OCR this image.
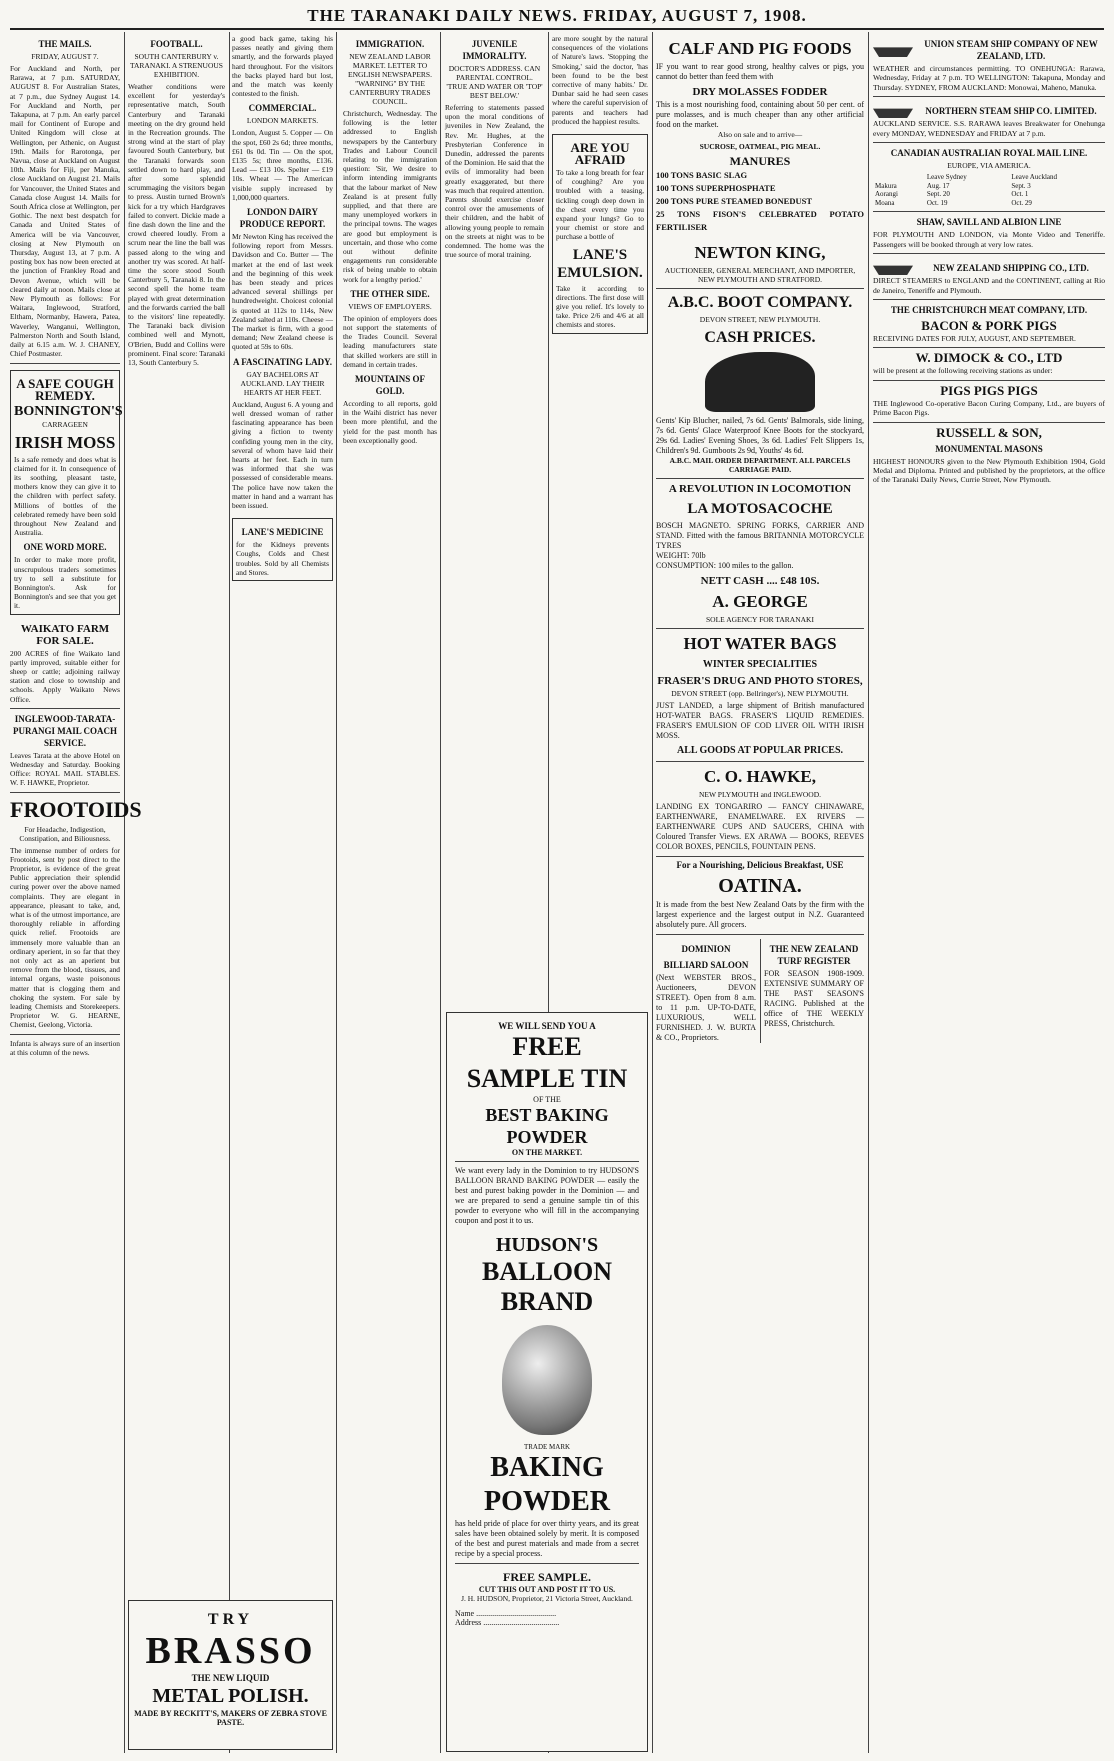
THE TARANAKI DAILY NEWS. FRIDAY, AUGUST 7, 1908.
THE MAILS.
FRIDAY, AUGUST 7.
For Auckland and North, per Rarawa, at 7 p.m. SATURDAY, AUGUST 8. For Australian States, at 7 p.m., due Sydney August 14. For Auckland and North, per Takapuna, at 7 p.m. An early parcel mail for Continent of Europe and United Kingdom will close at Wellington, per Athenic, on August 19th. Mails for Rarotonga, per Navua, close at Auckland on August 10th. Mails for Fiji, per Manuka, close Auckland on August 21. Mails for Vancouver, the United States and Canada close August 14. Mails for South Africa close at Wellington, per Gothic. The next best despatch for Canada and United States of America will be via Vancouver, closing at New Plymouth on Thursday, August 13, at 7 p.m. A posting box has now been erected at the junction of Frankley Road and Devon Avenue, which will be cleared daily at noon. Mails close at New Plymouth as follows: For Waitara, Inglewood, Stratford, Eltham, Normanby, Hawera, Patea, Waverley, Wanganui, Wellington, Palmerston North and South Island, daily at 6.15 a.m. W. J. CHANEY, Chief Postmaster.
A SAFE COUGH REMEDY.
BONNINGTON'S
CARRAGEEN
IRISH MOSS
Is a safe remedy and does what is claimed for it. In consequence of its soothing, pleasant taste, mothers know they can give it to the children with perfect safety. Millions of bottles of the celebrated remedy have been sold throughout New Zealand and Australia.
ONE WORD MORE.
In order to make more profit, unscrupulous traders sometimes try to sell a substitute for Bonnington's. Ask for Bonnington's and see that you get it.
WAIKATO FARM FOR SALE.
200 ACRES of fine Waikato land partly improved, suitable either for sheep or cattle; adjoining railway station and close to township and schools. Apply Waikato News Office.
INGLEWOOD-TARATA-PURANGI MAIL COACH SERVICE.
Leaves Tarata at the above Hotel on Wednesday and Saturday. Booking Office: ROYAL MAIL STABLES. W. F. HAWKE, Proprietor.
FROOTOIDS
For Headache, Indigestion, Constipation, and Biliousness.
The immense number of orders for Frootoids, sent by post direct to the Proprietor, is evidence of the great Public appreciation their splendid curing power over the above named complaints. They are elegant in appearance, pleasant to take, and, what is of the utmost importance, are thoroughly reliable in affording quick relief. Frootoids are immensely more valuable than an ordinary aperient, in so far that they not only act as an aperient but remove from the blood, tissues, and internal organs, waste poisonous matter that is clogging them and choking the system. For sale by leading Chemists and Storekeepers. Proprietor W. G. HEARNE, Chemist, Geelong, Victoria.
Infanta is always sure of an insertion at this column of the news.
FOOTBALL.
SOUTH CANTERBURY v. TARANAKI. A STRENUOUS EXHIBITION.
Weather conditions were excellent for yesterday's representative match, South Canterbury and Taranaki meeting on the dry ground held in the Recreation grounds. The strong wind at the start of play favoured South Canterbury, but the Taranaki forwards soon settled down to hard play, and after some splendid scrummaging the visitors began to press. Austin turned Brown's kick for a try which Hardgraves failed to convert. Dickie made a fine dash down the line and the crowd cheered loudly. From a scrum near the line the ball was passed along to the wing and another try was scored. At half-time the score stood South Canterbury 5, Taranaki 8. In the second spell the home team played with great determination and the forwards carried the ball to the visitors' line repeatedly. The Taranaki back division combined well and Mynott, O'Brien, Budd and Collins were prominent. Final score: Taranaki 13, South Canterbury 5.
TRY
BRASSO
THE NEW LIQUID
METAL POLISH.
MADE BY RECKITT'S, MAKERS OF ZEBRA STOVE PASTE.
a good back game, taking his passes neatly and giving them smartly, and the forwards played hard throughout. For the visitors the backs played hard but lost, and the match was keenly contested to the finish.
COMMERCIAL.
LONDON MARKETS.
London, August 5. Copper — On the spot, £60 2s 6d; three months, £61 0s 0d. Tin — On the spot, £135 5s; three months, £136. Lead — £13 10s. Spelter — £19 10s. Wheat — The American visible supply increased by 1,000,000 quarters.
LONDON DAIRY PRODUCE REPORT.
Mr Newton King has received the following report from Messrs. Davidson and Co. Butter — The market at the end of last week and the beginning of this week has been steady and prices advanced several shillings per hundredweight. Choicest colonial is quoted at 112s to 114s, New Zealand salted at 110s. Cheese — The market is firm, with a good demand; New Zealand cheese is quoted at 59s to 60s.
A FASCINATING LADY.
GAY BACHELORS AT AUCKLAND. LAY THEIR HEARTS AT HER FEET.
Auckland, August 6. A young and well dressed woman of rather fascinating appearance has been giving a fiction to twenty confiding young men in the city, several of whom have laid their hearts at her feet. Each in turn was informed that she was possessed of considerable means. The police have now taken the matter in hand and a warrant has been issued.
LANE'S MEDICINE
for the Kidneys prevents Coughs, Colds and Chest troubles. Sold by all Chemists and Stores.
IMMIGRATION.
NEW ZEALAND LABOR MARKET. LETTER TO ENGLISH NEWSPAPERS. "WARNING" BY THE CANTERBURY TRADES COUNCIL.
Christchurch, Wednesday. The following is the letter addressed to English newspapers by the Canterbury Trades and Labour Council relating to the immigration question: 'Sir, We desire to inform intending immigrants that the labour market of New Zealand is at present fully supplied, and that there are many unemployed workers in the principal towns. The wages are good but employment is uncertain, and those who come out without definite engagements run considerable risk of being unable to obtain work for a lengthy period.'
THE OTHER SIDE.
VIEWS OF EMPLOYERS.
The opinion of employers does not support the statements of the Trades Council. Several leading manufacturers state that skilled workers are still in demand in certain trades.
MOUNTAINS OF GOLD.
According to all reports, gold in the Waihi district has never been more plentiful, and the yield for the past month has been exceptionally good.
JUVENILE IMMORALITY.
DOCTOR'S ADDRESS. CAN PARENTAL CONTROL. 'TRUE AND WATER OR 'TOP' BEST BELOW.'
Referring to statements passed upon the moral conditions of juveniles in New Zealand, the Rev. Mr. Hughes, at the Presbyterian Conference in Dunedin, addressed the parents of the Dominion. He said that the evils of immorality had been greatly exaggerated, but there was much that required attention. Parents should exercise closer control over the amusements of their children, and the habit of allowing young people to remain on the streets at night was to be condemned. The home was the true source of moral training.
are more sought by the natural consequences of the violations of Nature's laws. 'Stopping the Smoking,' said the doctor, 'has been found to be the best corrective of many habits.' Dr. Dunbar said he had seen cases where the careful supervision of parents and teachers had produced the happiest results.
ARE YOU AFRAID
To take a long breath for fear of coughing? Are you troubled with a teasing, tickling cough deep down in the chest every time you expand your lungs? Go to your chemist or store and purchase a bottle of
LANE'S EMULSION.
Take it according to directions. The first dose will give you relief. It's lovely to take. Price 2/6 and 4/6 at all chemists and stores.
WE WILL SEND YOU A
FREE SAMPLE TIN
OF THE
BEST BAKING POWDER
ON THE MARKET.
We want every lady in the Dominion to try HUDSON'S BALLOON BRAND BAKING POWDER — easily the best and purest baking powder in the Dominion — and we are prepared to send a genuine sample tin of this powder to everyone who will fill in the accompanying coupon and post it to us.
HUDSON'S
BALLOON BRAND
TRADE MARK
BAKING POWDER
has held pride of place for over thirty years, and its great sales have been obtained solely by merit. It is composed of the best and purest materials and made from a secret recipe by a special process.
FREE SAMPLE.
CUT THIS OUT AND POST IT TO US.
J. H. HUDSON, Proprietor, 21 Victoria Street, Auckland.
Name ........................................
Address ......................................
CALF AND PIG FOODS
IF you want to rear good strong, healthy calves or pigs, you cannot do better than feed them with
DRY MOLASSES FODDER
This is a most nourishing food, containing about 50 per cent. of pure molasses, and is much cheaper than any other artificial food on the market.
Also on sale and to arrive—
SUCROSE, OATMEAL, PIG MEAL.
MANURES
100 TONS BASIC SLAG
100 TONS SUPERPHOSPHATE
200 TONS PURE STEAMED BONEDUST
25 TONS FISON'S CELEBRATED POTATO FERTILISER
NEWTON KING,
AUCTIONEER, GENERAL MERCHANT, AND IMPORTER, NEW PLYMOUTH AND STRATFORD.
A.B.C. BOOT COMPANY.
DEVON STREET, NEW PLYMOUTH.
CASH PRICES.
Gents' Kip Blucher, nailed, 7s 6d. Gents' Balmorals, side lining, 7s 6d. Gents' Glace Waterproof Knee Boots for the stockyard, 29s 6d. Ladies' Evening Shoes, 3s 6d. Ladies' Felt Slippers 1s, Children's 9d. Gumboots 2s 9d, Youths' 4s 6d.
A.B.C. MAIL ORDER DEPARTMENT. ALL PARCELS CARRIAGE PAID.
A REVOLUTION IN LOCOMOTION
LA MOTOSACOCHE
BOSCH MAGNETO. SPRING FORKS, CARRIER AND STAND. Fitted with the famous BRITANNIA MOTORCYCLE TYRES
WEIGHT: 70lb
CONSUMPTION: 100 miles to the gallon.
NETT CASH .... £48 10S.
A. GEORGE
SOLE AGENCY FOR TARANAKI
HOT WATER BAGS
WINTER SPECIALITIES
FRASER'S DRUG AND PHOTO STORES,
DEVON STREET (opp. Bellringer's), NEW PLYMOUTH.
JUST LANDED, a large shipment of British manufactured HOT-WATER BAGS. FRASER'S LIQUID REMEDIES. FRASER'S EMULSION OF COD LIVER OIL WITH IRISH MOSS.
ALL GOODS AT POPULAR PRICES.
C. O. HAWKE,
NEW PLYMOUTH and INGLEWOOD.
LANDING EX TONGARIRO — FANCY CHINAWARE, EARTHENWARE, ENAMELWARE. EX RIVERS — EARTHENWARE CUPS AND SAUCERS, CHINA with Coloured Transfer Views. EX ARAWA — BOOKS, REEVES COLOR BOXES, PENCILS, FOUNTAIN PENS.
For a Nourishing, Delicious Breakfast, USE
OATINA.
It is made from the best New Zealand Oats by the firm with the largest experience and the largest output in N.Z. Guaranteed absolutely pure. All grocers.
DOMINION
BILLIARD SALOON
(Next WEBSTER BROS., Auctioneers, DEVON STREET). Open from 8 a.m. to 11 p.m. UP-TO-DATE, LUXURIOUS, WELL FURNISHED. J. W. BURTA & CO., Proprietors.
THE NEW ZEALAND TURF REGISTER
FOR SEASON 1908-1909. EXTENSIVE SUMMARY OF THE PAST SEASON'S RACING. Published at the office of THE WEEKLY PRESS, Christchurch.
UNION STEAM SHIP COMPANY OF NEW ZEALAND, LTD.
WEATHER and circumstances permitting. TO ONEHUNGA: Rarawa, Wednesday, Friday at 7 p.m. TO WELLINGTON: Takapuna, Monday and Thursday. SYDNEY, FROM AUCKLAND: Monowai, Maheno, Manuka.
NORTHERN STEAM SHIP CO. LIMITED.
AUCKLAND SERVICE. S.S. RARAWA leaves Breakwater for Onehunga every MONDAY, WEDNESDAY and FRIDAY at 7 p.m.
CANADIAN AUSTRALIAN ROYAL MAIL LINE.
EUROPE, VIA AMERICA.
	Leave Sydney	Leave Auckland
Makura	Aug. 17	Sept. 3
Aorangi	Sept. 20	Oct. 1
Moana	Oct. 19	Oct. 29
SHAW, SAVILL AND ALBION LINE
FOR PLYMOUTH AND LONDON, via Monte Video and Teneriffe. Passengers will be booked through at very low rates.
NEW ZEALAND SHIPPING CO., LTD.
DIRECT STEAMERS to ENGLAND and the CONTINENT, calling at Rio de Janeiro, Teneriffe and Plymouth.
THE CHRISTCHURCH MEAT COMPANY, LTD.
BACON & PORK PIGS
RECEIVING DATES FOR JULY, AUGUST, AND SEPTEMBER.
W. DIMOCK & CO., LTD
will be present at the following receiving stations as under:
PIGS PIGS PIGS
THE Inglewood Co-operative Bacon Curing Company, Ltd., are buyers of Prime Bacon Pigs.
RUSSELL & SON,
MONUMENTAL MASONS
HIGHEST HONOURS given to the New Plymouth Exhibition 1904, Gold Medal and Diploma. Printed and published by the proprietors, at the office of the Taranaki Daily News, Currie Street, New Plymouth.
